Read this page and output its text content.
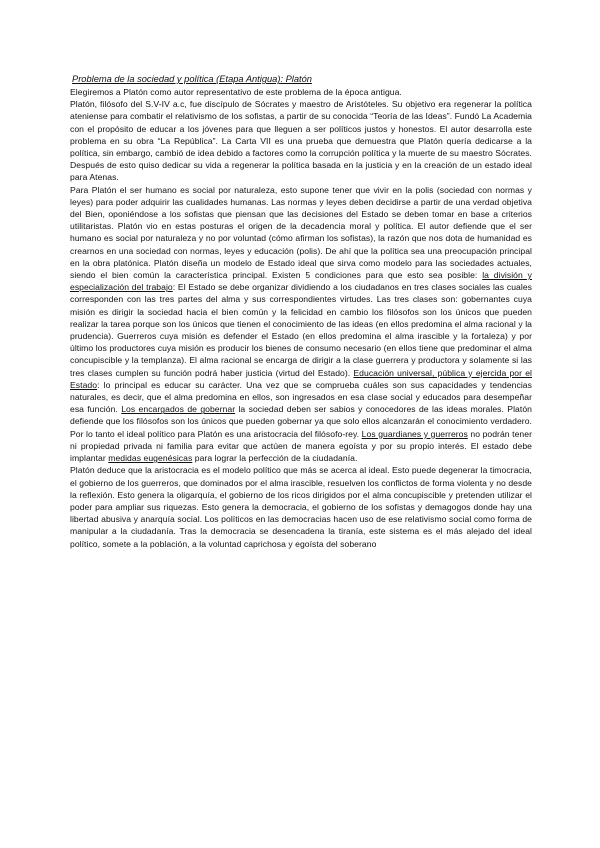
Problema de la sociedad y política (Etapa Antigua): Platón

Elegiremos a Platón como autor representativo de este problema de la época antigua.

Platón, filósofo del S.V-IV a.c, fue discípulo de Sócrates y maestro de Aristóteles. Su objetivo era regenerar la política ateniense para combatir el relativismo de los sofistas, a partir de su conocida “Teoría de las Ideas”. Fundó La Academia con el propósito de educar a los jóvenes para que lleguen a ser políticos justos y honestos. El autor desarrolla este problema en su obra “La República”. La Carta VII es una prueba que demuestra que Platón quería dedicarse a la política, sin embargo, cambió de idea debido a factores como la corrupción política y la muerte de su maestro Sócrates. Después de esto quiso dedicar su vida a regenerar la política basada en la justicia y en la creación de un estado ideal para Atenas.

Para Platón el ser humano es social por naturaleza, esto supone tener que vivir en la polis (sociedad con normas y leyes) para poder adquirir las cualidades humanas. Las normas y leyes deben decidirse a partir de una verdad objetiva del Bien, oponiéndose a los sofistas que piensan que las decisiones del Estado se deben tomar en base a criterios utilitaristas. Platón vio en estas posturas el origen de la decadencia moral y política. El autor defiende que el ser humano es social por naturaleza y no por voluntad (cómo afirman los sofistas), la razón que nos dota de humanidad es crearnos en una sociedad con normas, leyes y educación (polis). De ahí que la política sea una preocupación principal en la obra platónica. Platón diseña un modelo de Estado ideal que sirva como modelo para las sociedades actuales, siendo el bien común la característica principal. Existen 5 condiciones para que esto sea posible: la división y especialización del trabajo: El Estado se debe organizar dividiendo a los ciudadanos en tres clases sociales las cuales corresponden con las tres partes del alma y sus correspondientes virtudes. Las tres clases son: gobernantes cuya misión es dirigir la sociedad hacia el bien común y la felicidad en cambio los filósofos son los únicos que pueden realizar la tarea porque son los únicos que tienen el conocimiento de las ideas (en ellos predomina el alma racional y la prudencia). Guerreros cuya misión es defender el Estado (en ellos predomina el alma irascible y la fortaleza) y por último los productores cuya misión es producir los bienes de consumo necesario (en ellos tiene que predominar el alma concupiscible y la templanza). El alma racional se encarga de dirigir a la clase guerrera y productora y solamente si las tres clases cumplen su función podrá haber justicia (virtud del Estado). Educación universal, pública y ejercida por el Estado: lo principal es educar su carácter. Una vez que se comprueba cuáles son sus capacidades y tendencias naturales, es decir, que el alma predomina en ellos, son ingresados en esa clase social y educados para desempeñar esa función. Los encargados de gobernar la sociedad deben ser sabios y conocedores de las ideas morales. Platón defiende que los filósofos son los únicos que pueden gobernar ya que solo ellos alcanzarán el conocimiento verdadero. Por lo tanto el ideal político para Platón es una aristocracia del filósofo-rey. Los guardianes y guerreros no podrán tener ni propiedad privada ni familia para evitar que actúen de manera egoísta y por su propio interés. El estado debe implantar medidas eugenésicas para lograr la perfección de la ciudadanía.

Platón deduce que la aristocracia es el modelo político que más se acerca al ideal. Esto puede degenerar la timocracia, el gobierno de los guerreros, que dominados por el alma irascible, resuelven los conflictos de forma violenta y no desde la reflexión. Esto genera la oligarquía, el gobierno de los ricos dirigidos por el alma concupiscible y pretenden utilizar el poder para ampliar sus riquezas. Esto genera la democracia, el gobierno de los sofistas y demagogos donde hay una libertad abusiva y anarquía social. Los políticos en las democracias hacen uso de ese relativismo social como forma de manipular a la ciudadanía. Tras la democracia se desencadena la tiranía, este sistema es el más alejado del ideal político, somete a la población, a la voluntad caprichosa y egoísta del soberano
